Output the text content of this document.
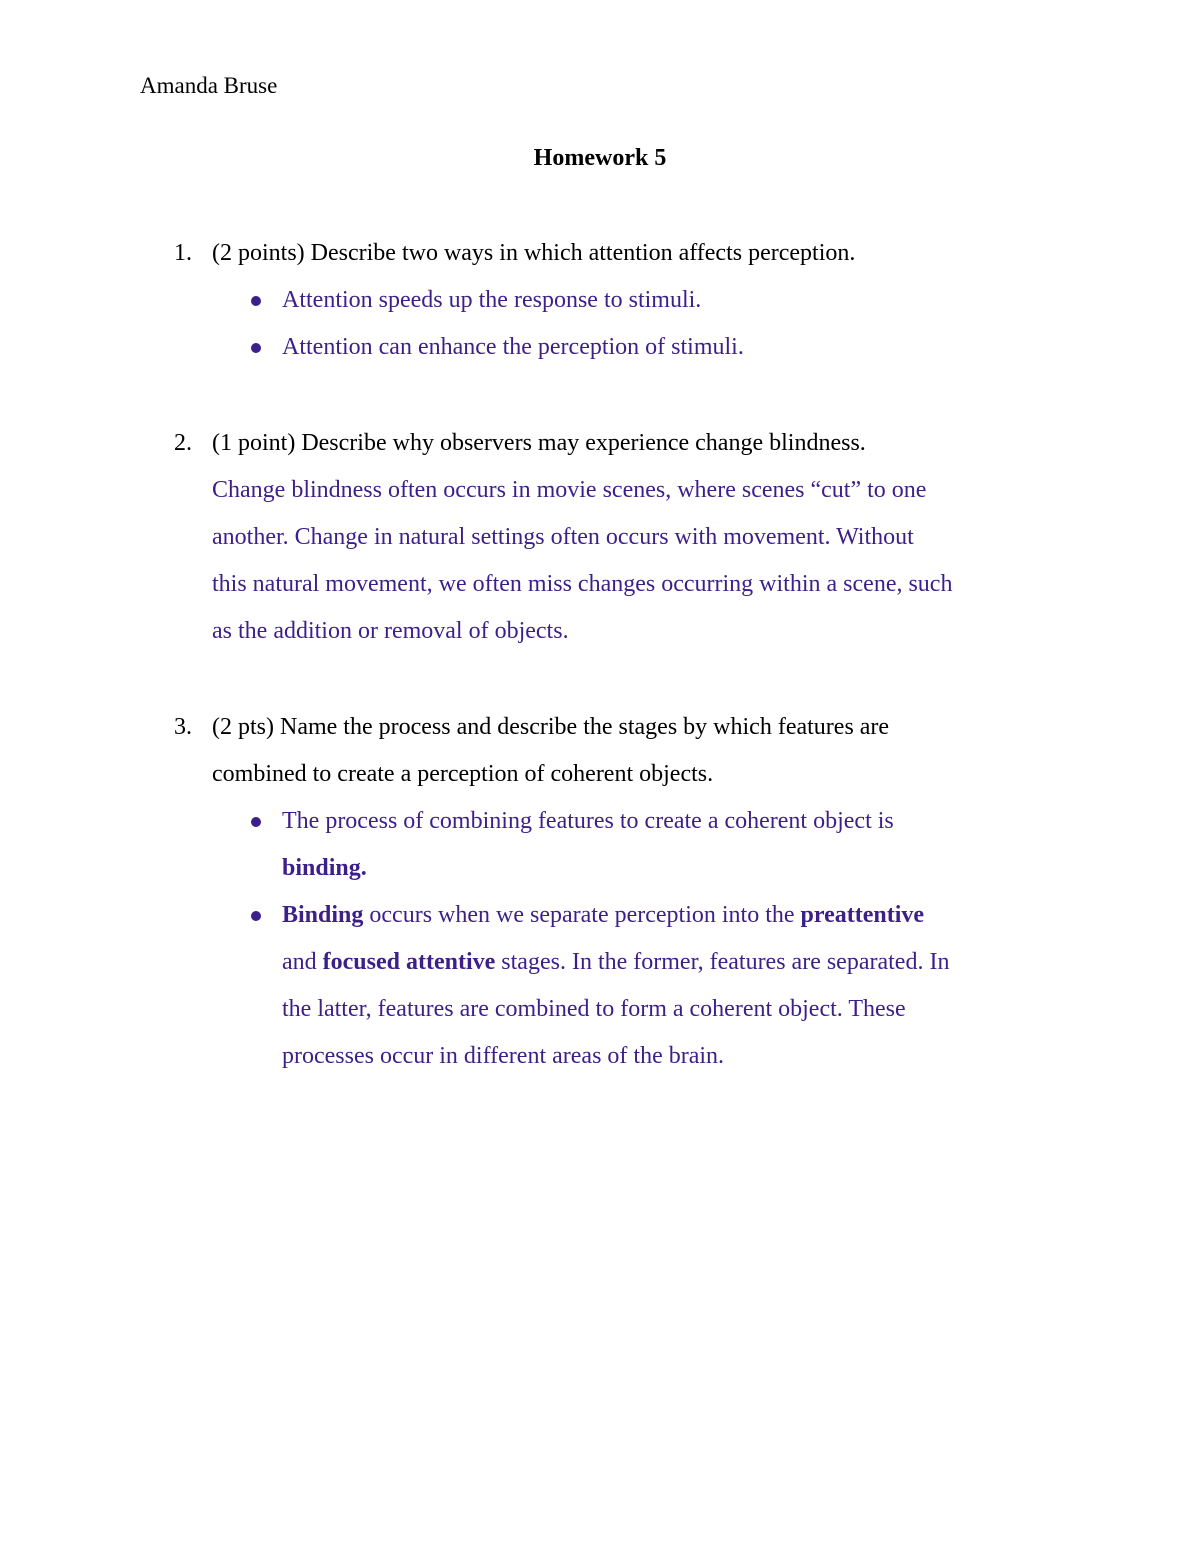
Amanda Bruse
Homework 5
1. (2 points) Describe two ways in which attention affects perception.
Attention speeds up the response to stimuli.
Attention can enhance the perception of stimuli.
2. (1 point) Describe why observers may experience change blindness.
Change blindness often occurs in movie scenes, where scenes “cut” to one
another. Change in natural settings often occurs with movement. Without
this natural movement, we often miss changes occurring within a scene, such
as the addition or removal of objects.
3. (2 pts) Name the process and describe the stages by which features are
combined to create a perception of coherent objects.
The process of combining features to create a coherent object is
binding.
Binding occurs when we separate perception into the preattentive
and focused attentive stages. In the former, features are separated. In
the latter, features are combined to form a coherent object. These
processes occur in different areas of the brain.
